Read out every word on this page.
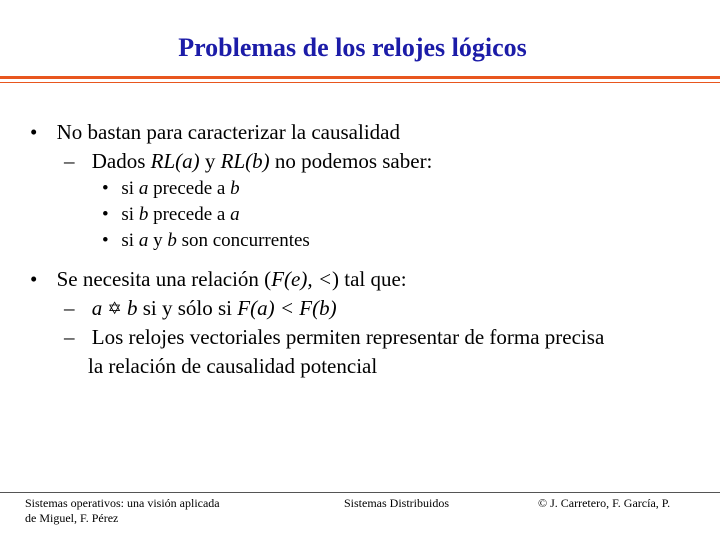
Problemas de los relojes lógicos
• No bastan para caracterizar la causalidad
– Dados RL(a) y RL(b) no podemos saber:
• si a precede a b
• si b precede a a
• si a y b son concurrentes
• Se necesita una relación (F(e), <) tal que:
– a ✡ b si y sólo si F(a) < F(b)
– Los relojes vectoriales permiten representar de forma precisa
la relación de causalidad potencial
Sistemas operativos: una visión aplicada
de Miguel, F. Pérez
Sistemas Distribuidos	© J. Carretero, F. García, P.
